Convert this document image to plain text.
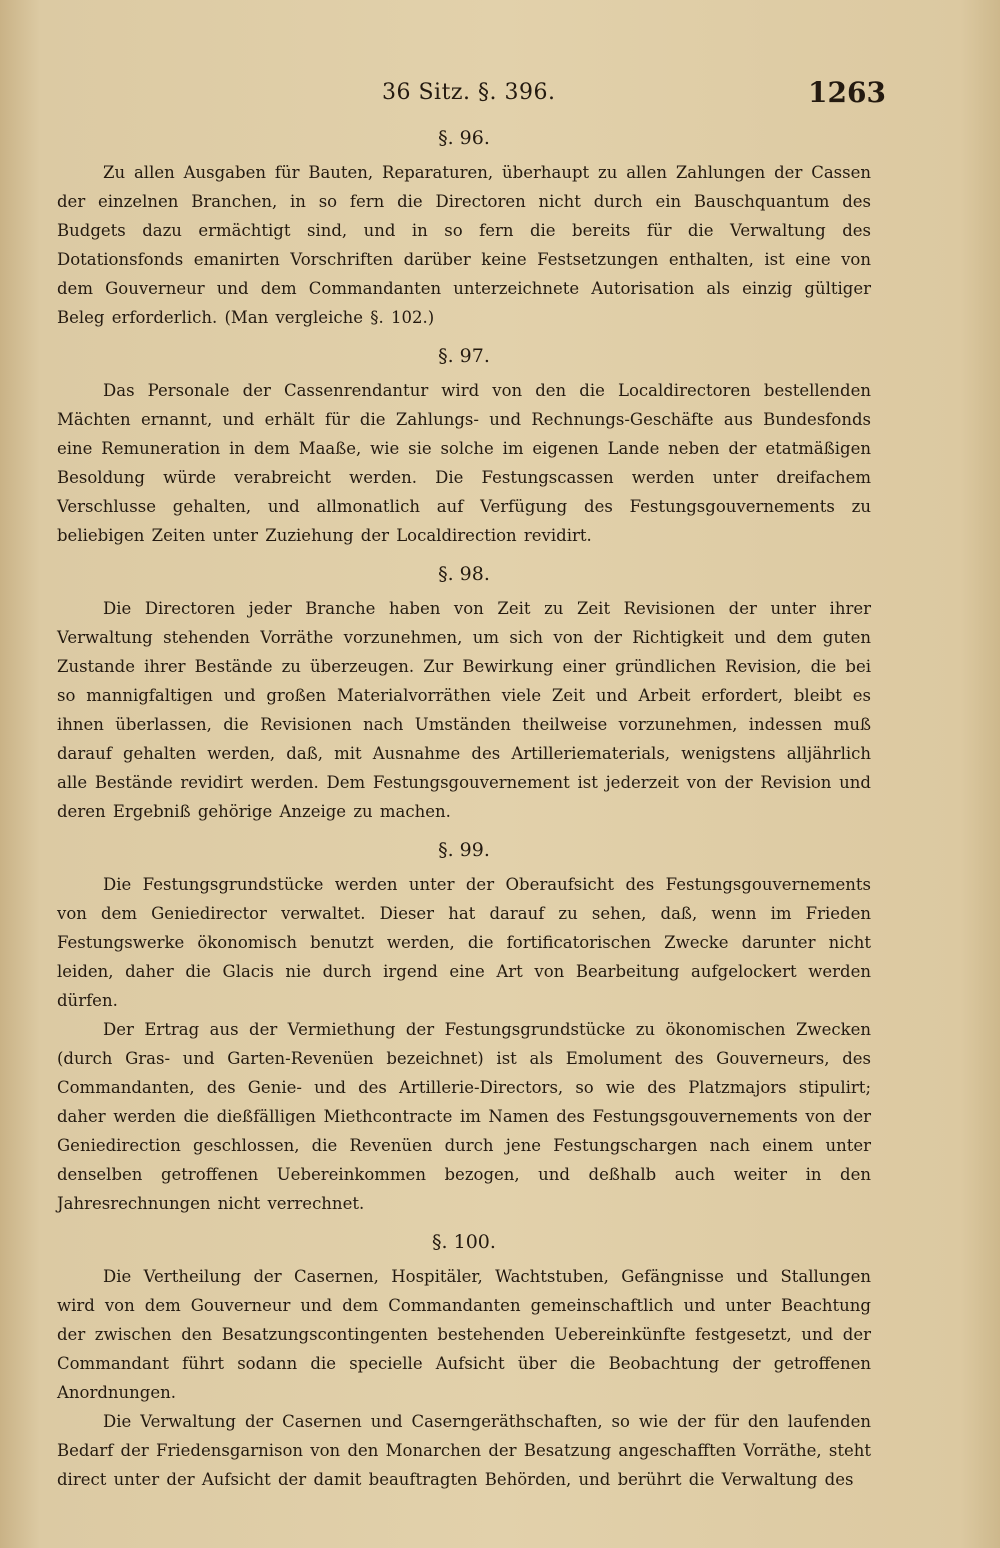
36 Sitz. §. 396.	1263
§. 96.

Zu allen Ausgaben für Bauten, Reparaturen, überhaupt zu allen Zahlungen der Cassen der einzelnen Branchen, in so fern die Directoren nicht durch ein Bauschquantum des Budgets dazu ermächtigt sind, und in so fern die bereits für die Verwaltung des Dotationsfonds emanirten Vorschriften darüber keine Festsetzungen enthalten, ist eine von dem Gouverneur und dem Commandanten unterzeichnete Autorisation als einzig gültiger Beleg erforderlich. (Man vergleiche §. 102.)

§. 97.

Das Personale der Cassenrendantur wird von den die Localdirectoren bestellenden Mächten ernannt, und erhält für die Zahlungs- und Rechnungs-Geschäfte aus Bundesfonds eine Remuneration in dem Maaße, wie sie solche im eigenen Lande neben der etatmäßigen Besoldung würde verabreicht werden. Die Festungscassen werden unter dreifachem Verschlusse gehalten, und allmonatlich auf Verfügung des Festungsgouvernements zu beliebigen Zeiten unter Zuziehung der Localdirection revidirt.

§. 98.

Die Directoren jeder Branche haben von Zeit zu Zeit Revisionen der unter ihrer Verwaltung stehenden Vorräthe vorzunehmen, um sich von der Richtigkeit und dem guten Zustande ihrer Bestände zu überzeugen. Zur Bewirkung einer gründlichen Revision, die bei so mannigfaltigen und großen Materialvorräthen viele Zeit und Arbeit erfordert, bleibt es ihnen überlassen, die Revisionen nach Umständen theilweise vorzunehmen, indessen muß darauf gehalten werden, daß, mit Ausnahme des Artilleriematerials, wenigstens alljährlich alle Bestände revidirt werden. Dem Festungsgouvernement ist jederzeit von der Revision und deren Ergebniß gehörige Anzeige zu machen.

§. 99.

Die Festungsgrundstücke werden unter der Oberaufsicht des Festungsgouvernements von dem Geniedirector verwaltet. Dieser hat darauf zu sehen, daß, wenn im Frieden Festungswerke ökonomisch benutzt werden, die fortificatorischen Zwecke darunter nicht leiden, daher die Glacis nie durch irgend eine Art von Bearbeitung aufgelockert werden dürfen.

Der Ertrag aus der Vermiethung der Festungsgrundstücke zu ökonomischen Zwecken (durch Gras- und Garten-Revenüen bezeichnet) ist als Emolument des Gouverneurs, des Commandanten, des Genie- und des Artillerie-Directors, so wie des Platzmajors stipulirt; daher werden die dießfälligen Miethcontracte im Namen des Festungsgouvernements von der Geniedirection geschlossen, die Revenüen durch jene Festungschargen nach einem unter denselben getroffenen Uebereinkommen bezogen, und deßhalb auch weiter in den Jahresrechnungen nicht verrechnet.

§. 100.

Die Vertheilung der Casernen, Hospitäler, Wachtstuben, Gefängnisse und Stallungen wird von dem Gouverneur und dem Commandanten gemeinschaftlich und unter Beachtung der zwischen den Besatzungscontingenten bestehenden Uebereinkünfte festgesetzt, und der Commandant führt sodann die specielle Aufsicht über die Beobachtung der getroffenen Anordnungen.

Die Verwaltung der Casernen und Caserngeräthschaften, so wie der für den laufenden Bedarf der Friedensgarnison von den Monarchen der Besatzung angeschafften Vorräthe, steht direct unter der Aufsicht der damit beauftragten Behörden, und berührt die Verwaltung des
